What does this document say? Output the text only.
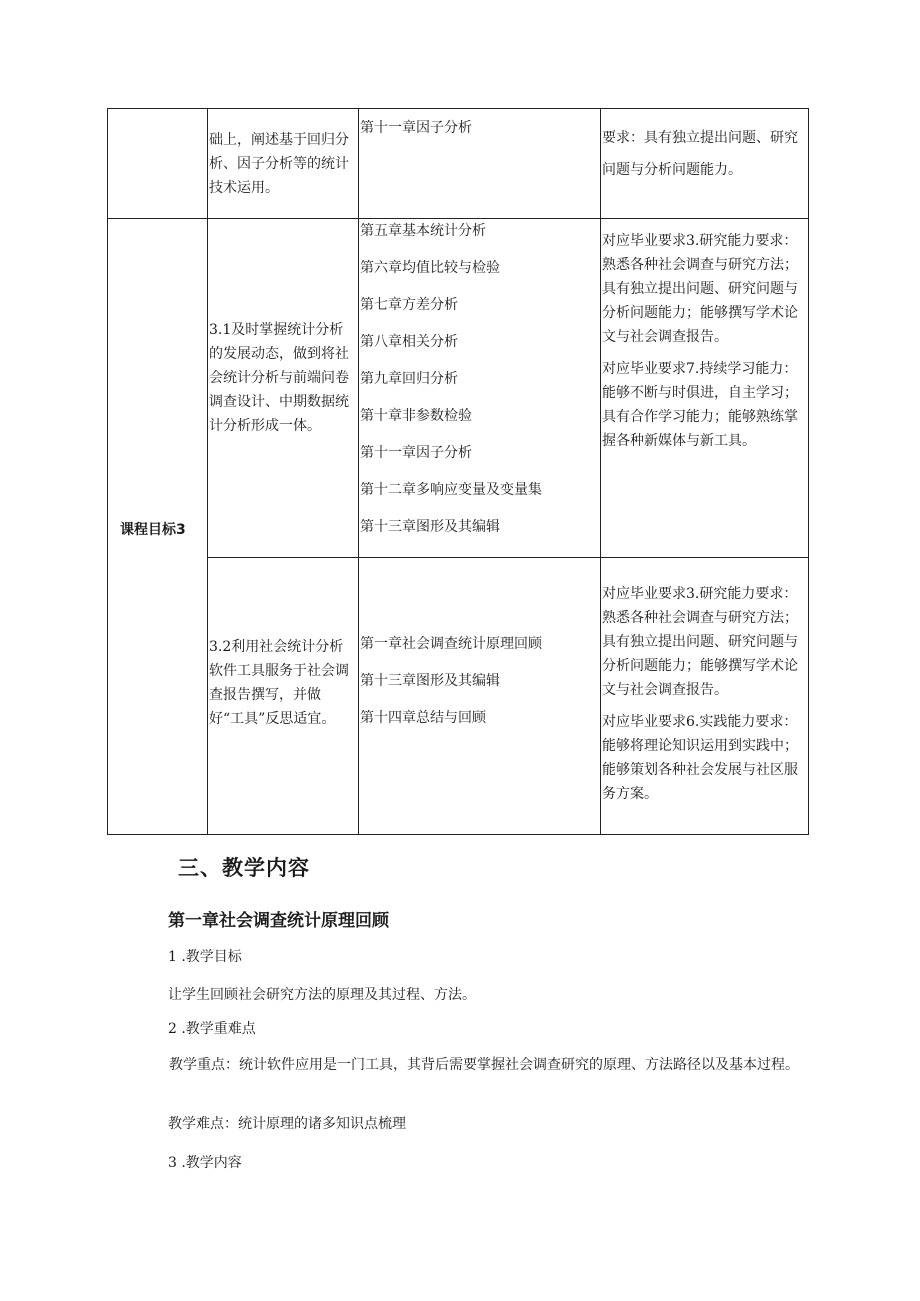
础上，阐述基于回归分析、因子分析等的统计技术运用。

第十一章因子分析

要求：具有独立提出问题、研究问题与分析问题能力。

课程目标3

3.1及时掌握统计分析的发展动态，做到将社会统计分析与前端问卷调查设计、中期数据统计分析形成一体。

第五章基本统计分析

第六章均值比较与检验

第七章方差分析

第八章相关分析

第九章回归分析

第十章非参数检验

第十一章因子分析

第十二章多响应变量及变量集

第十三章图形及其编辑

对应毕业要求3.研究能力要求：熟悉各种社会调查与研究方法；具有独立提出问题、研究问题与分析问题能力；能够撰写学术论文与社会调查报告。

对应毕业要求7.持续学习能力：能够不断与时俱进，自主学习；具有合作学习能力；能够熟练掌握各种新媒体与新工具。

3.2利用社会统计分析软件工具服务于社会调查报告撰写，并做好“工具”反思适宜。

第一章社会调查统计原理回顾

第十三章图形及其编辑

第十四章总结与回顾

对应毕业要求3.研究能力要求：熟悉各种社会调查与研究方法；具有独立提出问题、研究问题与分析问题能力；能够撰写学术论文与社会调查报告。

对应毕业要求6.实践能力要求：能够将理论知识运用到实践中；能够策划各种社会发展与社区服务方案。

三、教学内容
第一章社会调查统计原理回顾
1 .教学目标
让学生回顾社会研究方法的原理及其过程、方法。
2 .教学重难点
教学重点：统计软件应用是一门工具，其背后需要掌握社会调查研究的原理、方法路径以及基本过程。
教学难点：统计原理的诸多知识点梳理
3 .教学内容
